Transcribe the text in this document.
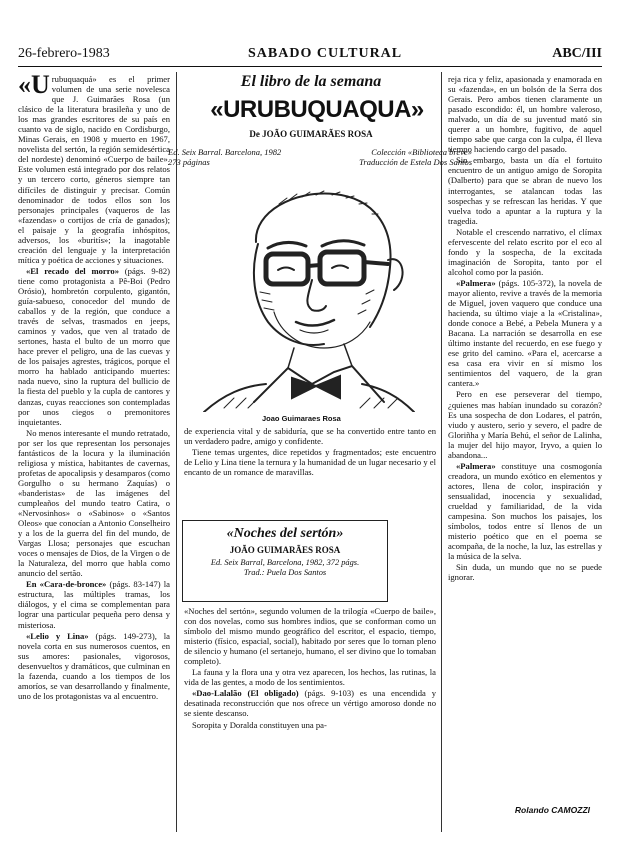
26-febrero-1983	SABADO CULTURAL	ABC/III
El libro de la semana
«URUBUQUAQUA»
De JOÃO GUIMARÃES ROSA
Ed. Seix Barral. Barcelona, 1982
273 páginas
Colección «Biblioteca breve»
Traducción de Estela Dos Santos
Joao Guimaraes Rosa
«Noches del sertón»
JOÃO GUIMARÃES ROSA
Ed. Seix Barral, Barcelona, 1982, 372 págs.
Trad.: Puela Dos Santos

«Urubuquaquá» es el primer volumen de una serie novelesca que J. Guimarães Rosa (un clásico de la literatura brasileña y uno de los mas grandes escritores de su país en cuanto va de siglo, nacido en Cordisburgo, Minas Gerais, en 1908 y muerto en 1967, novelista del sertón, la región semidesértica del nordeste) denominó «Cuerpo de baile». Este volumen está integrado por dos relatos y un tercero corto, géneros siempre tan difíciles de distinguir y precisar. Común denominador de todos ellos son los personajes principales (vaqueros de las «fazendas» o cortijos de cría de ganados); el paisaje y la geografía inhóspitos, adversos, los «buritís»; la inagotable creación del lenguaje y la interpretación mítica y poética de acciones y situaciones.

«El recado del morro» (págs. 9-82) tiene como protagonista a Pê-Boi (Pedro Orósio), hombretón corpulento, gigantón, guía-sabueso, conocedor del mundo de caballos y de la región, que conduce a través de selvas, trasmados en jeeps, caminos y vados, que ven al tratado de sertones, hasta el bulto de un morro que hace prever el peligro, una de las cuevas y de los paisajes agrestes, trágicos, porque el morro ha hablado anticipando muertes: nada nuevo, sino la ruptura del bullicio de la fiesta del pueblo y la cupla de cantores y danzas, cuyas reacciones son contempladas por unos ciegos o premonitores inquietantes.

No menos interesante el mundo retratado, por ser los que representan los personajes fantásticos de la locura y la iluminación religiosa y mística, habitantes de cavernas, profetas de apocalipsis y desamparos (como Gorgulho o su hermano Zaquías) o «banderistas» de las imágenes del cumpleaños del mundo teatro Catira, o «Nervosinhos» o «Sabinos» o «Santos Oleos» que conocían a Antonio Conselheiro y a los de la guerra del fin del mundo, de Vargas Llosa; personajes que escuchan voces o mensajes de Dios, de la Virgen o de la Naturaleza, del morro que habla como anuncio del sertão.

En «Cara-de-bronce» (págs. 83-147) la estructura, las múltiples tramas, los diálogos, y el cima se complementan para lograr una particular pequeña pero densa y misteriosa.

«Lelio y Lina» (págs. 149-273), la novela corta en sus numerosos cuentos, en sus amores: pasionales, vigorosos, desenvueltos y dramáticos, que culminan en la fazenda, cuando a los tiempos de los amoríos, se van desarrollando y finalmente, uno de los protagonistas va al encuentro.

de experiencia vital y de sabiduría, que se ha convertido entre tanto en un verdadero padre, amigo y confidente.

Tiene temas urgentes, dice repetidos y fragmentados; este encuentro de Lelio y Lina tiene la ternura y la humanidad de un lugar necesario y el encanto de un romance de maravillas.

«Noches del sertón», segundo volumen de la trilogía «Cuerpo de baile», con dos novelas, como sus hombres indios, que se conforman como un símbolo del mismo mundo geográfico del escritor, el espacio, tiempo, misterio (físico, espacial, social), habitado por seres que lo tornan pleno de silencio y humano (el sertanejo, humano, el ser divino que lo tomaban completo).

La fauna y la flora una y otra vez aparecen, los hechos, las rutinas, la vida de las gentes, a modo de los sentimientos.

«Dao-Lalalão (El obligado) (págs. 9-103) es una encendida y desatinada reconstrucción que nos ofrece un vértigo amoroso donde no se siente descanso.

Soropita y Doralda constituyen una pa-

reja rica y feliz, apasionada y enamorada en su «fazenda», en un bolsón de la Serra dos Gerais. Pero ambos tienen claramente un pasado escondido: él, un hombre valeroso, malvado, un día de su juventud mató sin querer a un hombre, fugitivo, de aquel tiempo sabe que carga con la culpa, él lleva tiempo haciendo cargo del pasado.

Sin embargo, basta un día el fortuito encuentro de un antiguo amigo de Soropita (Dalberto) para que se abran de nuevo los interrogantes, se atalancan todas las sospechas y se refrescan las heridas. Y que vuelva todo a apuntar a la ruptura y la tragedia.

Notable el crescendo narrativo, el clímax efervescente del relato escrito por el eco al fondo y la sospecha, de la excitada imaginación de Soropita, tanto por el alcohol como por la pasión.

«Palmera» (págs. 105-372), la novela de mayor aliento, revive a través de la memoria de Miguel, joven vaquero que conduce una hacienda, su último viaje a la «Cristalina», donde conoce a Bebé, a Pebela Munera y a Bacana. La narración se desarrolla en ese último instante del recuerdo, en ese fuego y ese grito del camino. «Para el, acercarse a esa casa era vivir en sí mismo los sentimientos del vaquero, de la gran cantera.»

Pero en ese perseverar del tiempo, ¿quienes mas habían inundado su corazón? Es una sospecha de don Lodares, el patrón, viudo y austero, serio y severo, el padre de Gloriñha y María Behú, el señor de Lalinha, la mujer del hijo mayor, Iryvo, a quien lo abandona...

«Palmera» constituye una cosmogonía creadora, un mundo exótico en elementos y actores, llena de color, inspiración y sensualidad, inocencia y sexualidad, crueldad y familiaridad, de la vida campesina. Son muchos los paisajes, los símbolos, todos entre sí llenos de un misterio poético que en el poema se acompaña, de la noche, la luz, las estrellas y la música de la selva.

Sin duda, un mundo que no se puede ignorar.

Rolando CAMOZZI
